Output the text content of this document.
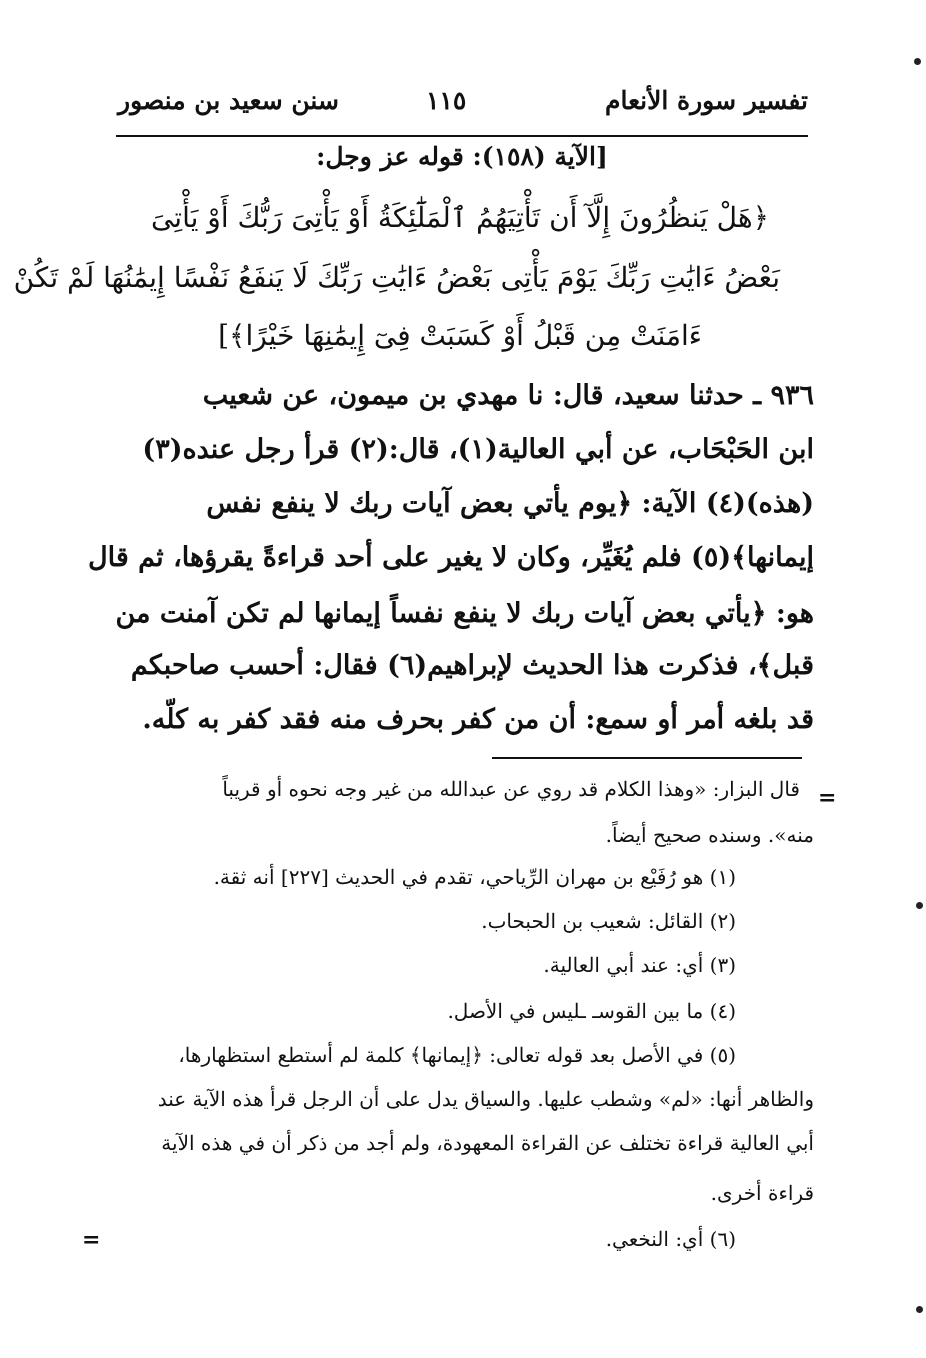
تفسير سورة الأنعام
١١٥
سنن سعيد بن منصور
[الآية (١٥٨): قوله عز وجل:
﴿هَلْ يَنظُرُونَ إِلَّآ أَن تَأْتِيَهُمُ ٱلْمَلَٰٓئِكَةُ أَوْ يَأْتِىَ رَبُّكَ أَوْ يَأْتِىَ
بَعْضُ ءَايَٰتِ رَبِّكَ يَوْمَ يَأْتِى بَعْضُ ءَايَٰتِ رَبِّكَ لَا يَنفَعُ نَفْسًا إِيمَٰنُهَا لَمْ تَكُنْ
ءَامَنَتْ مِن قَبْلُ أَوْ كَسَبَتْ فِىٓ إِيمَٰنِهَا خَيْرًا﴾]
٩٣٦ ـ حدثنا سعيد، قال: نا مهدي بن ميمون، عن شعيب
ابن الحَبْحَاب، عن أبي العالية(١)، قال:(٢) قرأ رجل عنده(٣)
(هذه)(٤) الآية: ﴿يوم يأتي بعض آيات ربك لا ينفع نفس
إيمانها﴾(٥) فلم يُغَيِّر، وكان لا يغير على أحد قراءةً يقرؤها، ثم قال
هو: ﴿يأتي بعض آيات ربك لا ينفع نفساً إيمانها لم تكن آمنت من
قبل﴾، فذكرت هذا الحديث لإبراهيم(٦) فقال: أحسب صاحبكم
قد بلغه أمر أو سمع: أن من كفر بحرف منه فقد كفر به كلّه.
قال البزار: «وهذا الكلام قد روي عن عبدالله من غير وجه نحوه أو قريباً
منه». وسنده صحيح أيضاً.
(١) هو رُفَيْع بن مهران الرِّياحي، تقدم في الحديث [٢٢٧] أنه ثقة.
(٢) القائل: شعيب بن الحبحاب.
(٣) أي: عند أبي العالية.
(٤) ما بين القوسـ ـليس في الأصل.
(٥) في الأصل بعد قوله تعالى: ﴿إيمانها﴾ كلمة لم أستطع استظهارها،
والظاهر أنها: «لم» وشطب عليها. والسياق يدل على أن الرجل قرأ هذه الآية عند
أبي العالية قراءة تختلف عن القراءة المعهودة، ولم أجد من ذكر أن في هذه الآية
قراءة أخرى.
(٦) أي: النخعي.
=
=
